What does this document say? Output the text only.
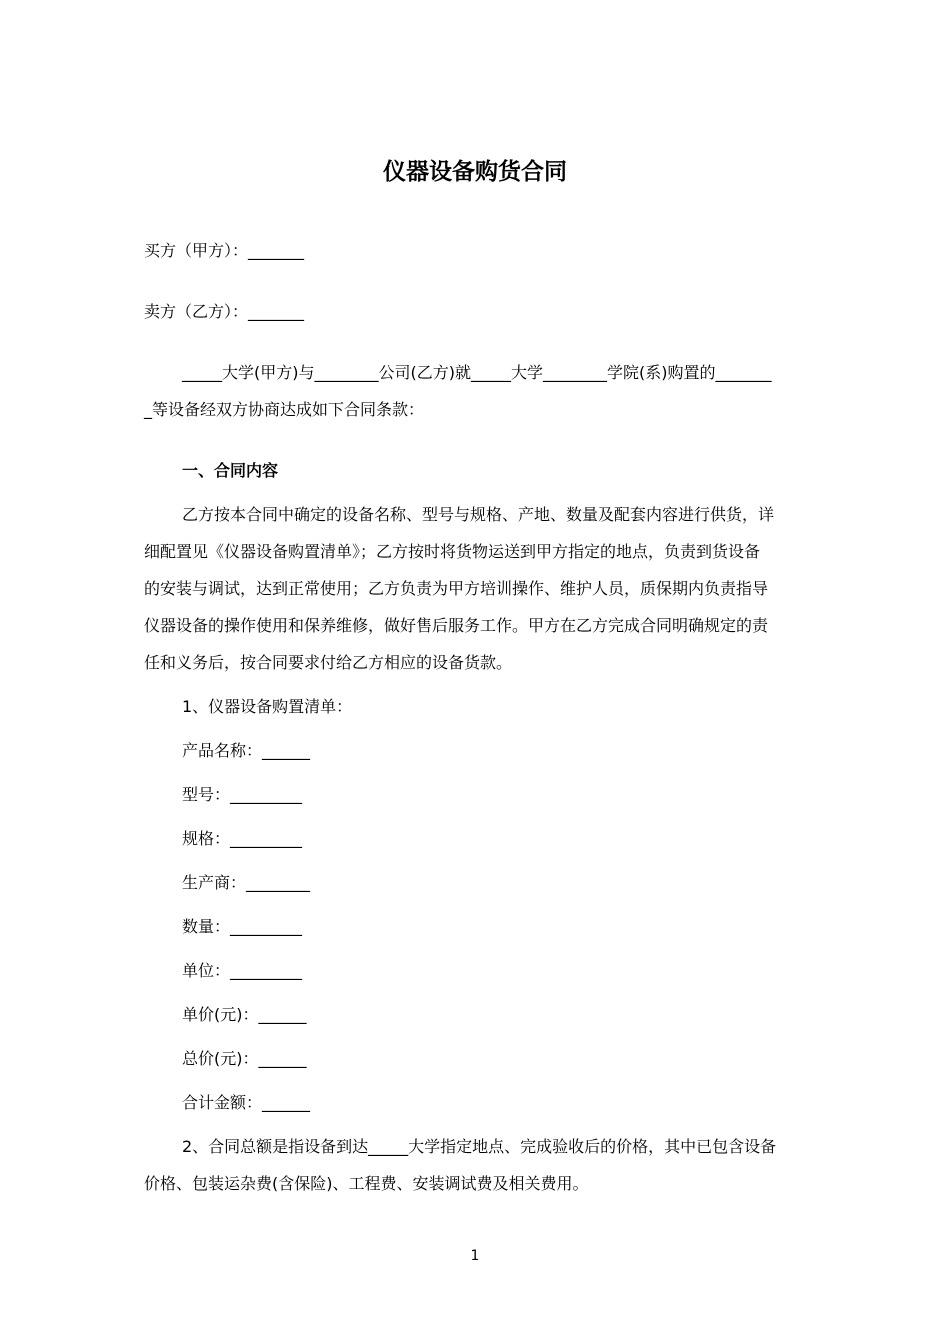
仪器设备购货合同
买方（甲方）：_______
卖方（乙方）：_______
_____大学(甲方)与________公司(乙方)就_____大学________学院(系)购置的_______
_等设备经双方协商达成如下合同条款：
一、合同内容
乙方按本合同中确定的设备名称、型号与规格、产地、数量及配套内容进行供货，详
细配置见《仪器设备购置清单》；乙方按时将货物运送到甲方指定的地点，负责到货设备
的安装与调试，达到正常使用；乙方负责为甲方培训操作、维护人员，质保期内负责指导
仪器设备的操作使用和保养维修，做好售后服务工作。甲方在乙方完成合同明确规定的责
任和义务后，按合同要求付给乙方相应的设备货款。
1、仪器设备购置清单：
产品名称：______
型号：_________
规格：_________
生产商：________
数量：_________
单位：_________
单价(元)：______
总价(元)：______
合计金额：______
2、合同总额是指设备到达_____大学指定地点、完成验收后的价格，其中已包含设备
价格、包装运杂费(含保险)、工程费、安装调试费及相关费用。
1
